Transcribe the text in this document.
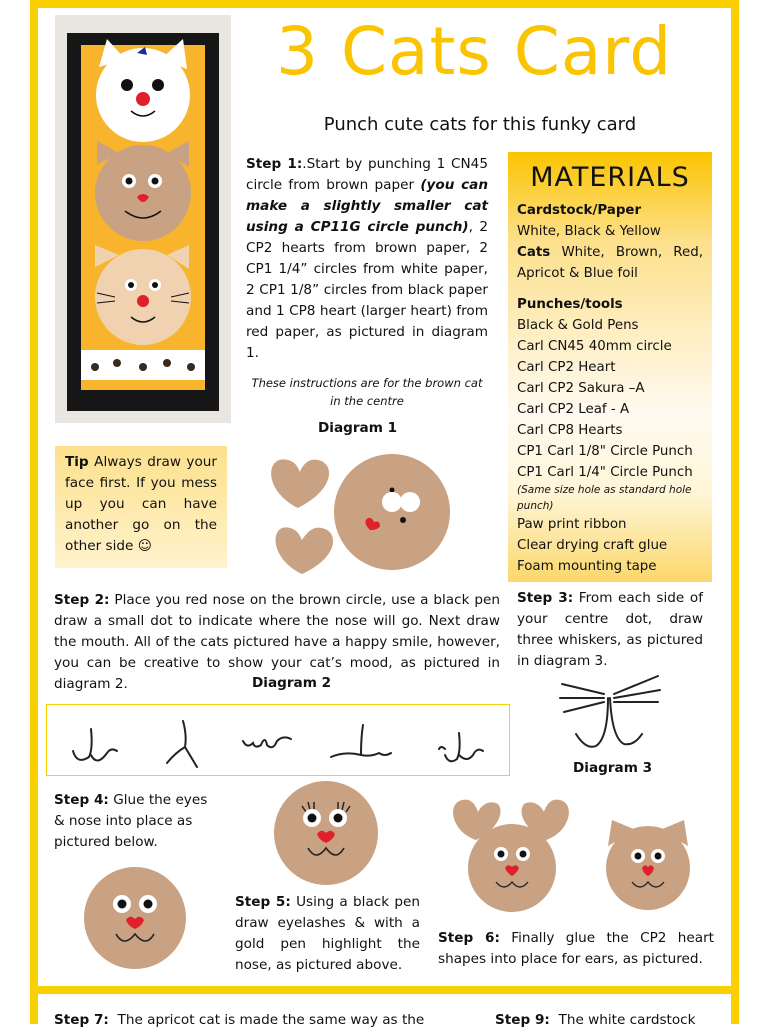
3 Cats Card
Punch cute cats for this funky card
Step 1:.Start by punching 1 CN45 circle from brown paper (you can make a slightly smaller cat using a CP11G circle punch), 2 CP2 hearts from brown paper, 2 CP1 1/4” circles from white paper, 2 CP1 1/8” circles from black paper and 1 CP8 heart (larger heart) from red paper, as pictured in diagram 1.
These instructions are for the brown cat in the centre
Diagram 1
MATERIALS
Cardstock/Paper
White, Black & Yellow
Cats White, Brown, Red, Apricot & Blue foil
Punches/tools
Black & Gold Pens
Carl CN45 40mm circle
Carl CP2 Heart
Carl CP2 Sakura –A
Carl CP2 Leaf - A
Carl CP8 Hearts
CP1 Carl 1/8" Circle Punch
CP1 Carl 1/4" Circle Punch
(Same size hole as standard hole punch)
Paw print ribbon
Clear drying craft glue
Foam mounting tape
Tip Always draw your face first. If you mess up you can have another go on the other side ☺
Step 2: Place you red nose on the brown circle, use a black pen draw a small dot to indicate where the nose will go. Next draw the mouth. All of the cats pictured have a happy smile, however, you can be creative to show your cat’s mood, as pictured in diagram 2.	Diagram 2
Step 3: From each side of your centre dot, draw three whiskers, as pictured in diagram 3.
Diagram 3
Step 4: Glue the eyes & nose into place as pictured below.
Step 5: Using a black pen draw eyelashes & with a gold pen highlight the nose, as pictured above.
Step 6: Finally glue the CP2 heart shapes into place for ears, as pictured.
Step 7: The apricot cat is made the same way as the	Step 9: The white cardstock
